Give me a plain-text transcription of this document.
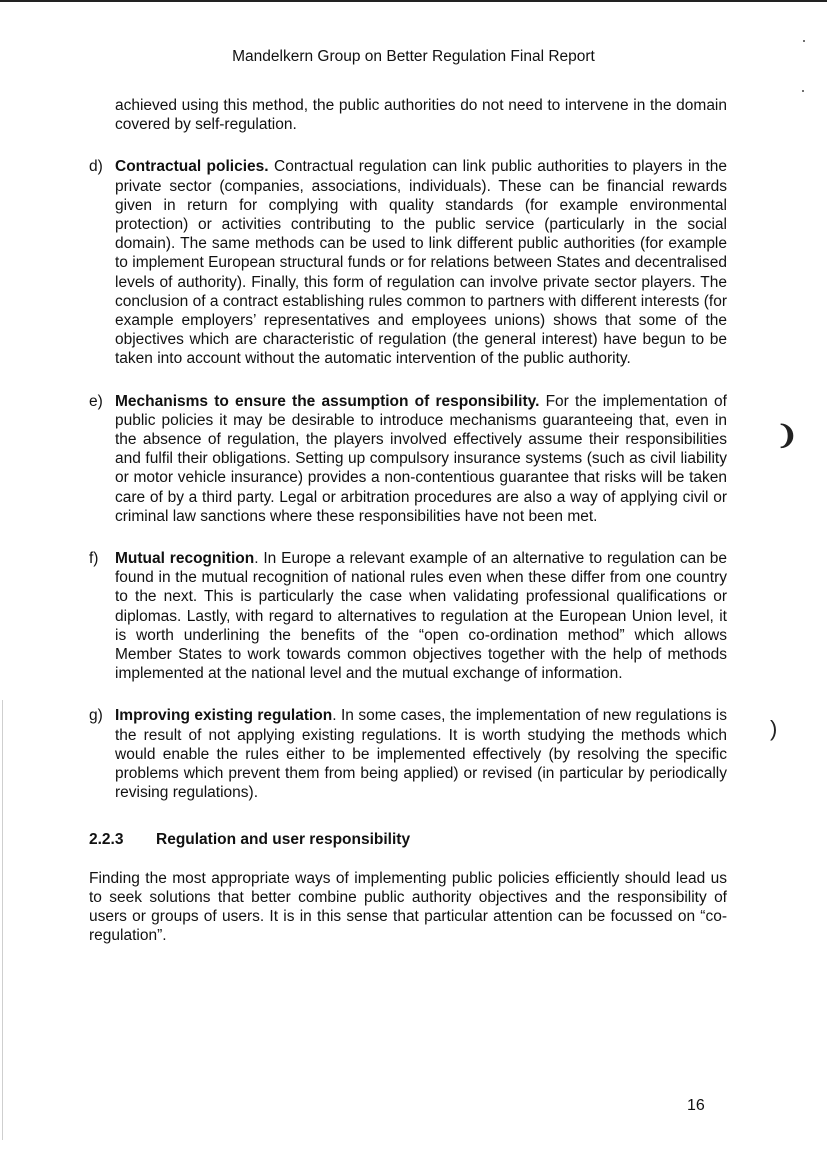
Mandelkern Group on Better Regulation Final Report

achieved using this method, the public authorities do not need to intervene in the domain covered by self-regulation.

d) Contractual policies. Contractual regulation can link public authorities to players in the private sector (companies, associations, individuals). These can be financial rewards given in return for complying with quality standards (for example environmental protection) or activities contributing to the public service (particularly in the social domain). The same methods can be used to link different public authorities (for example to implement European structural funds or for relations between States and decentralised levels of authority). Finally, this form of regulation can involve private sector players. The conclusion of a contract establishing rules common to partners with different interests (for example employers’ representatives and employees unions) shows that some of the objectives which are characteristic of regulation (the general interest) have begun to be taken into account without the automatic intervention of the public authority.

e) Mechanisms to ensure the assumption of responsibility. For the implementation of public policies it may be desirable to introduce mechanisms guaranteeing that, even in the absence of regulation, the players involved effectively assume their responsibilities and fulfil their obligations. Setting up compulsory insurance systems (such as civil liability or motor vehicle insurance) provides a non-contentious guarantee that risks will be taken care of by a third party. Legal or arbitration procedures are also a way of applying civil or criminal law sanctions where these responsibilities have not been met.

f) Mutual recognition. In Europe a relevant example of an alternative to regulation can be found in the mutual recognition of national rules even when these differ from one country to the next. This is particularly the case when validating professional qualifications or diplomas. Lastly, with regard to alternatives to regulation at the European Union level, it is worth underlining the benefits of the “open co-ordination method” which allows Member States to work towards common objectives together with the help of methods implemented at the national level and the mutual exchange of information.

g) Improving existing regulation. In some cases, the implementation of new regulations is the result of not applying existing regulations. It is worth studying the methods which would enable the rules either to be implemented effectively (by resolving the specific problems which prevent them from being applied) or revised (in particular by periodically revising regulations).

2.2.3 Regulation and user responsibility

Finding the most appropriate ways of implementing public policies efficiently should lead us to seek solutions that better combine public authority objectives and the responsibility of users or groups of users. It is in this sense that particular attention can be focussed on “co-regulation”.

16
❩
)
